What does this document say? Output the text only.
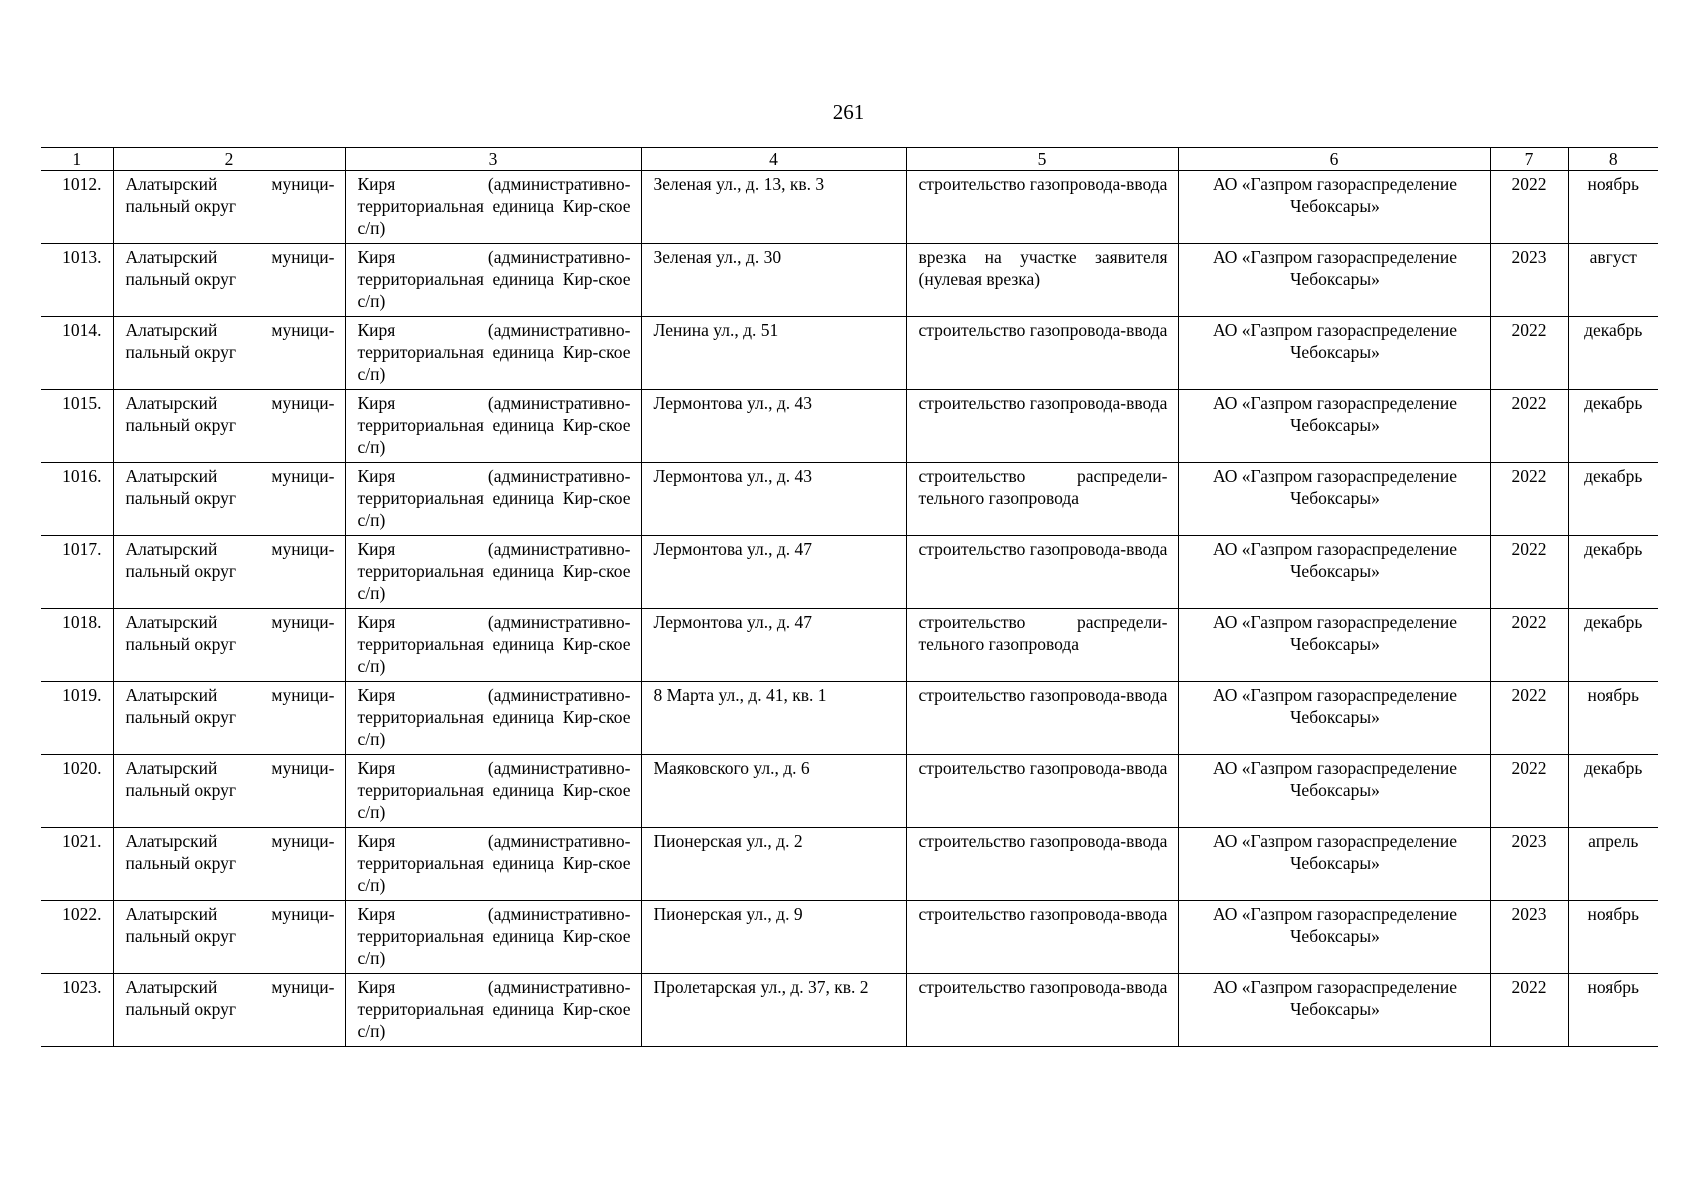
261
1	2	3	4	5	6	7	8
1012.	Алатырский муници-пальный округ	Киря (административно-территориальная единица Кир-ское с/п)	Зеленая ул., д. 13, кв. 3	строительство газопровода-ввода	АО «Газпром газораспределение Чебоксары»	2022	ноябрь
1013.	Алатырский муници-пальный округ	Киря (административно-территориальная единица Кир-ское с/п)	Зеленая ул., д. 30	врезка на участке заявителя (нулевая врезка)	АО «Газпром газораспределение Чебоксары»	2023	август
1014.	Алатырский муници-пальный округ	Киря (административно-территориальная единица Кир-ское с/п)	Ленина ул., д. 51	строительство газопровода-ввода	АО «Газпром газораспределение Чебоксары»	2022	декабрь
1015.	Алатырский муници-пальный округ	Киря (административно-территориальная единица Кир-ское с/п)	Лермонтова ул., д. 43	строительство газопровода-ввода	АО «Газпром газораспределение Чебоксары»	2022	декабрь
1016.	Алатырский муници-пальный округ	Киря (административно-территориальная единица Кир-ское с/п)	Лермонтова ул., д. 43	строительство распредели-тельного газопровода	АО «Газпром газораспределение Чебоксары»	2022	декабрь
1017.	Алатырский муници-пальный округ	Киря (административно-территориальная единица Кир-ское с/п)	Лермонтова ул., д. 47	строительство газопровода-ввода	АО «Газпром газораспределение Чебоксары»	2022	декабрь
1018.	Алатырский муници-пальный округ	Киря (административно-территориальная единица Кир-ское с/п)	Лермонтова ул., д. 47	строительство распредели-тельного газопровода	АО «Газпром газораспределение Чебоксары»	2022	декабрь
1019.	Алатырский муници-пальный округ	Киря (административно-территориальная единица Кир-ское с/п)	8 Марта ул., д. 41, кв. 1	строительство газопровода-ввода	АО «Газпром газораспределение Чебоксары»	2022	ноябрь
1020.	Алатырский муници-пальный округ	Киря (административно-территориальная единица Кир-ское с/п)	Маяковского ул., д. 6	строительство газопровода-ввода	АО «Газпром газораспределение Чебоксары»	2022	декабрь
1021.	Алатырский муници-пальный округ	Киря (административно-территориальная единица Кир-ское с/п)	Пионерская ул., д. 2	строительство газопровода-ввода	АО «Газпром газораспределение Чебоксары»	2023	апрель
1022.	Алатырский муници-пальный округ	Киря (административно-территориальная единица Кир-ское с/п)	Пионерская ул., д. 9	строительство газопровода-ввода	АО «Газпром газораспределение Чебоксары»	2023	ноябрь
1023.	Алатырский муници-пальный округ	Киря (административно-территориальная единица Кир-ское с/п)	Пролетарская ул., д. 37, кв. 2	строительство газопровода-ввода	АО «Газпром газораспределение Чебоксары»	2022	ноябрь
